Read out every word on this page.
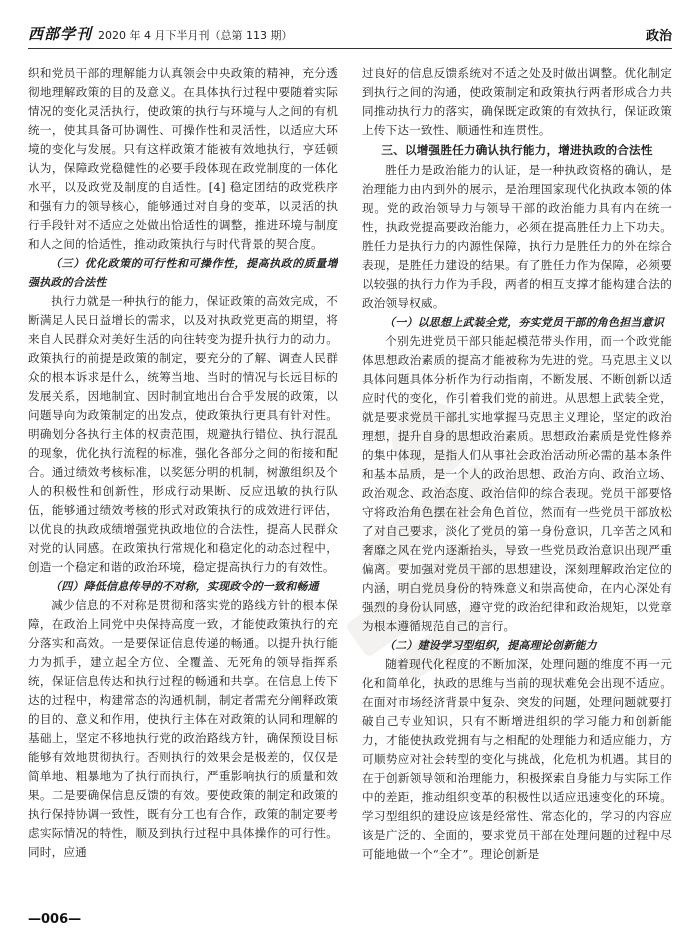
西部学刊 2020 年 4 月下半月刊（总第 113 期）	政治

织和党员干部的理解能力认真领会中央政策的精神，充分透彻地理解政策的目的及意义。在具体执行过程中要随着实际情况的变化灵活执行，使政策的执行与环境与人之间的有机统一，使其具备可协调性、可操作性和灵活性，以适应大环境的变化与发展。只有这样政策才能被有效地执行，亨廷顿认为，保障政党稳健性的必要手段体现在政党制度的一体化水平，以及政党及制度的自适性。[4] 稳定团结的政党秩序和强有力的领导核心，能够通过对自身的变革，以灵活的执行手段针对不适应之处做出恰适性的调整，推进环境与制度和人之间的恰适性，推动政策执行与时代背景的契合度。

（三）优化政策的可行性和可操作性，提高执政的质量增强执政的合法性

执行力就是一种执行的能力，保证政策的高效完成，不断满足人民日益增长的需求，以及对执政党更高的期望，将来自人民群众对美好生活的向往转变为提升执行力的动力。政策执行的前提是政策的制定，要充分的了解、调查人民群众的根本诉求是什么，统筹当地、当时的情况与长远目标的发展关系，因地制宜、因时制宜地出台合乎发展的政策，以问题导向为政策制定的出发点，使政策执行更具有针对性。明确划分各执行主体的权责范围，规避执行错位、执行混乱的现象，优化执行流程的标准，强化各部分之间的衔接和配合。通过绩效考核标准，以奖惩分明的机制，树激组织及个人的积极性和创新性，形成行动果断、反应迅敏的执行队伍，能够通过绩效考核的形式对政策执行的成效进行评估，以优良的执政成绩增强党执政地位的合法性，提高人民群众对党的认同感。在政策执行常规化和稳定化的动态过程中，创造一个稳定和谐的政治环境，稳定提高执行力的有效性。

（四）降低信息传导的不对称，实现政令的一致和畅通

减少信息的不对称是贯彻和落实党的路线方针的根本保障，在政治上同党中央保持高度一致，才能使政策执行的充分落实和高效。一是要保证信息传递的畅通。以提升执行能力为抓手，建立起全方位、全覆盖、无死角的领导指挥系统，保证信息传达和执行过程的畅通和共享。在信息上传下达的过程中，构建常态的沟通机制，制定者需充分阐释政策的目的、意义和作用，使执行主体在对政策的认同和理解的基础上，坚定不移地执行党的政治路线方针，确保预设目标能够有效地贯彻执行。否则执行的效果会是极差的，仅仅是简单地、粗暴地为了执行而执行，严重影响执行的质量和效果。二是要确保信息反馈的有效。要使政策的制定和政策的执行保持协调一致性，既有分工也有合作，政策的制定要考虑实际情况的特性，顺及到执行过程中具体操作的可行性。同时，应通

过良好的信息反馈系统对不适之处及时做出调整。优化制定到执行之间的沟通，使政策制定和政策执行两者形成合力共同推动执行力的落实，确保既定政策的有效执行，保证政策上传下达一致性、顺通性和连贯性。

三、以增强胜任力确认执行能力，增进执政的合法性

胜任力是政治能力的认证，是一种执政资格的确认，是治理能力由内到外的展示，是治理国家现代化执政本领的体现。党的政治领导力与领导干部的政治能力具有内在统一性，执政党提高要政治能力，必须在提高胜任力上下功夫。胜任力是执行力的内源性保障，执行力是胜任力的外在综合表现，是胜任力建设的结果。有了胜任力作为保障，必须要以较强的执行力作为手段，两者的相互支撑才能构建合法的政治领导权威。

（一）以思想上武装全党，夯实党员干部的角色担当意识

个别先进党员干部只能起模范带头作用，而一个政党能体思想政治素质的提高才能被称为先进的党。马克思主义以具体问题具体分析作为行动指南，不断发展、不断创新以适应时代的变化，作引着我们党的前进。从思想上武装全党，就是要求党员干部扎实地掌握马克思主义理论，坚定的政治理想，提升自身的思想政治素质。思想政治素质是党性修养的集中体现，是指人们从事社会政治活动所必需的基本条件和基本品质，是一个人的政治思想、政治方向、政治立场、政治观念、政治态度、政治信仰的综合表现。党员干部要恪守将政治角色摆在社会角色首位，然而有一些党员干部放松了对自己要求，淡化了党员的第一身份意识，几辛苦之风和奢靡之风在党内逐渐抬头，导致一些党员政治意识出现严重偏离。要加强对党员干部的思想建设，深刻理解政治定位的内涵，明白党员身份的特殊意义和崇高使命，在内心深处有强烈的身份认同感，遵守党的政治纪律和政治规矩，以党章为根本遵循规范自己的言行。

（二）建设学习型组织，提高理论创新能力

随着现代化程度的不断加深，处理问题的维度不再一元化和简单化，执政的思维与当前的现状难免会出现不适应。在面对市场经济背景中复杂、突发的问题，处理问题就要打破自己专业知识，只有不断增进组织的学习能力和创新能力，才能使执政党拥有与之相配的处理能力和适应能力，方可顺势应对社会转型的变化与挑战，化危机为机遇。其目的在于创新领导领和治理能力，积极探索自身能力与实际工作中的差距，推动组织变革的积极性以适应迅速变化的环境。学习型组织的建设应该是经常性、常态化的，学习的内容应该是广泛的、全面的，要求党员干部在处理问题的过程中尽可能地做一个“全才”。理论创新是

—006—
